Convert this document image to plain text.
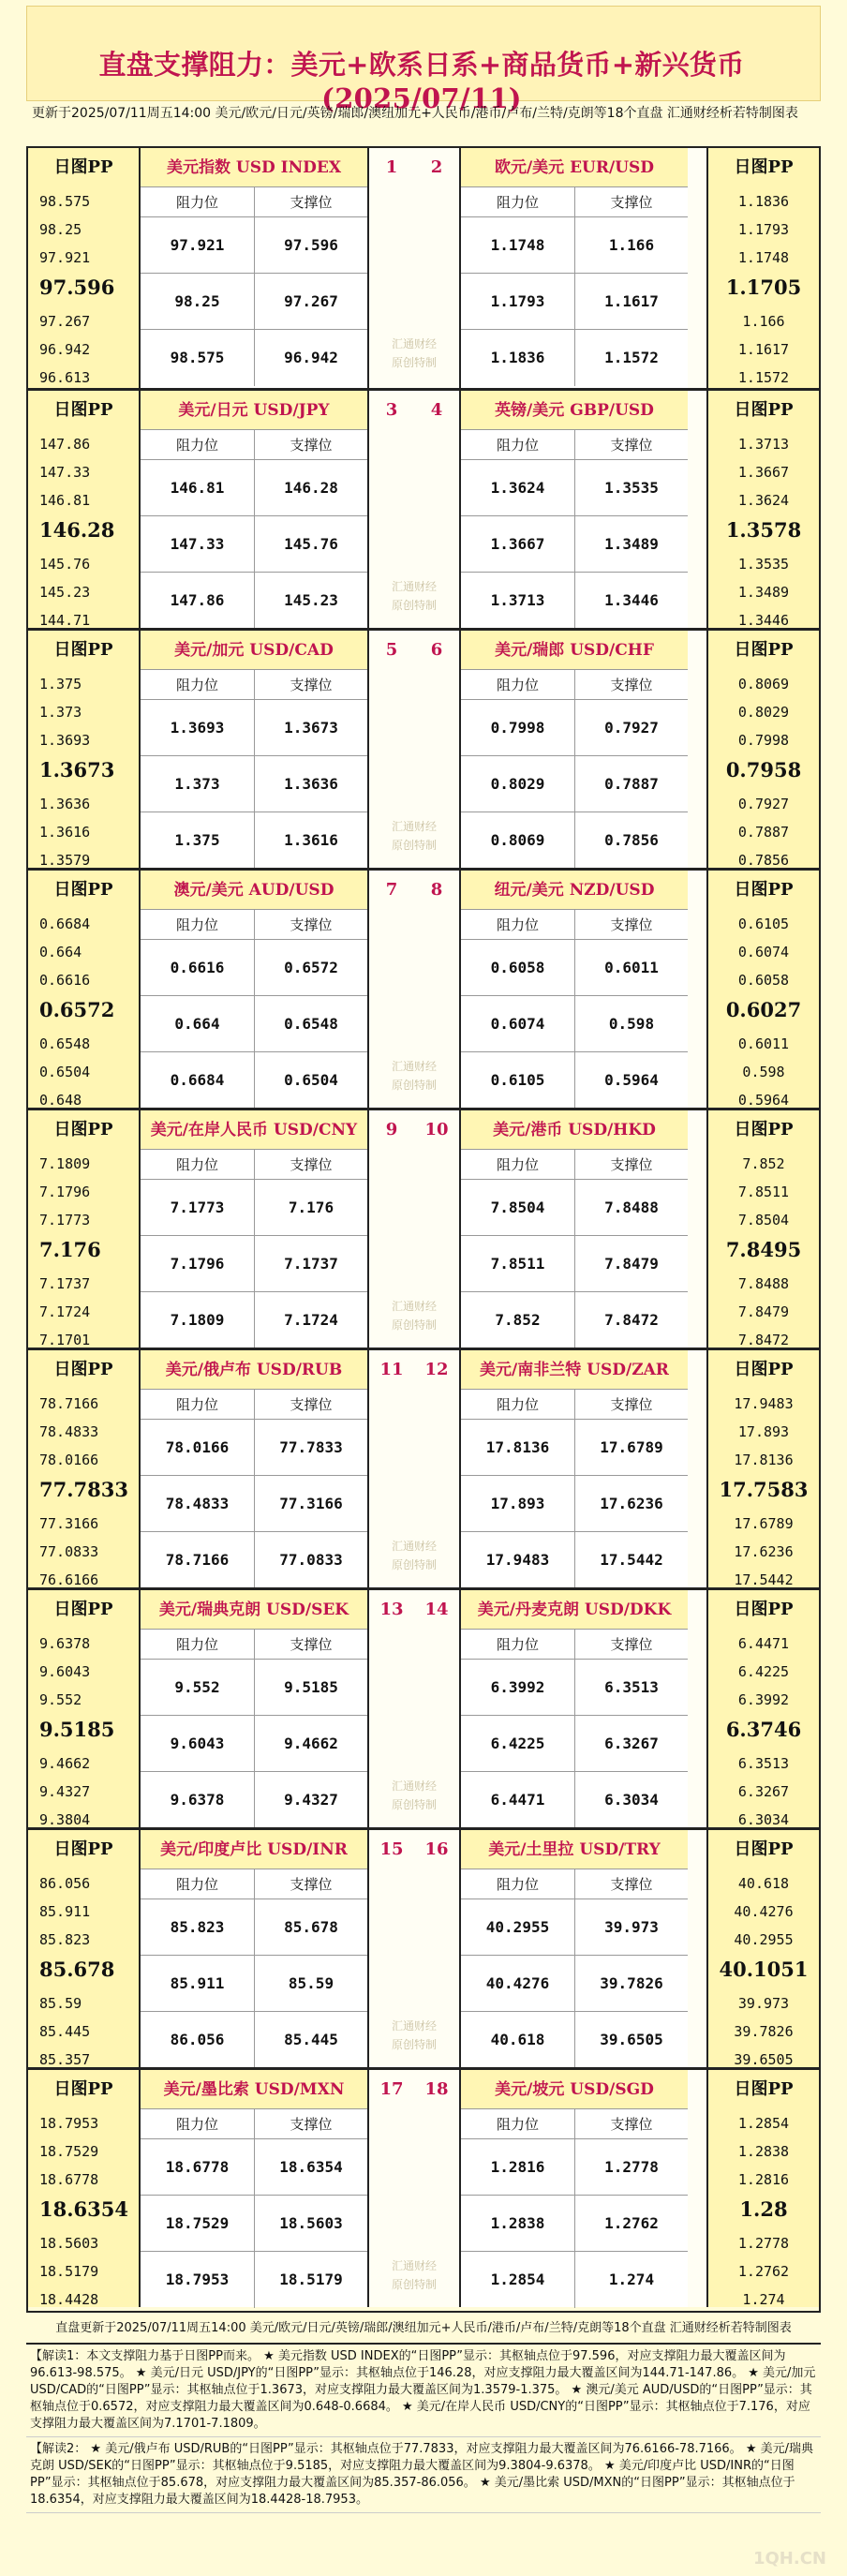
直盘支撑阻力：美元+欧系日系+商品货币+新兴货币(2025/07/11)
更新于2025/07/11周五14:00 美元/欧元/日元/英镑/瑞郎/澳纽加元+人民币/港币/卢布/兰特/克朗等18个直盘 汇通财经析若特制图表
日图PP
98.575
98.25
97.921
97.596
97.267
96.942
96.613
日图PP
1.1836
1.1793
1.1748
1.1705
1.166
1.1617
1.1572
美元指数 USD INDEX
阻力位	支撑位
97.921	97.596
98.25	97.267
98.575	96.942
欧元/美元 EUR/USD
阻力位	支撑位
1.1748	1.166
1.1793	1.1617
1.1836	1.1572
1	2
汇通财经
原创特制
日图PP
147.86
147.33
146.81
146.28
145.76
145.23
144.71
日图PP
1.3713
1.3667
1.3624
1.3578
1.3535
1.3489
1.3446
美元/日元 USD/JPY
阻力位	支撑位
146.81	146.28
147.33	145.76
147.86	145.23
英镑/美元 GBP/USD
阻力位	支撑位
1.3624	1.3535
1.3667	1.3489
1.3713	1.3446
3	4
汇通财经
原创特制
日图PP
1.375
1.373
1.3693
1.3673
1.3636
1.3616
1.3579
日图PP
0.8069
0.8029
0.7998
0.7958
0.7927
0.7887
0.7856
美元/加元 USD/CAD
阻力位	支撑位
1.3693	1.3673
1.373	1.3636
1.375	1.3616
美元/瑞郎 USD/CHF
阻力位	支撑位
0.7998	0.7927
0.8029	0.7887
0.8069	0.7856
5	6
汇通财经
原创特制
日图PP
0.6684
0.664
0.6616
0.6572
0.6548
0.6504
0.648
日图PP
0.6105
0.6074
0.6058
0.6027
0.6011
0.598
0.5964
澳元/美元 AUD/USD
阻力位	支撑位
0.6616	0.6572
0.664	0.6548
0.6684	0.6504
纽元/美元 NZD/USD
阻力位	支撑位
0.6058	0.6011
0.6074	0.598
0.6105	0.5964
7	8
汇通财经
原创特制
日图PP
7.1809
7.1796
7.1773
7.176
7.1737
7.1724
7.1701
日图PP
7.852
7.8511
7.8504
7.8495
7.8488
7.8479
7.8472
美元/在岸人民币 USD/CNY
阻力位	支撑位
7.1773	7.176
7.1796	7.1737
7.1809	7.1724
美元/港币 USD/HKD
阻力位	支撑位
7.8504	7.8488
7.8511	7.8479
7.852	7.8472
9	10
汇通财经
原创特制
日图PP
78.7166
78.4833
78.0166
77.7833
77.3166
77.0833
76.6166
日图PP
17.9483
17.893
17.8136
17.7583
17.6789
17.6236
17.5442
美元/俄卢布 USD/RUB
阻力位	支撑位
78.0166	77.7833
78.4833	77.3166
78.7166	77.0833
美元/南非兰特 USD/ZAR
阻力位	支撑位
17.8136	17.6789
17.893	17.6236
17.9483	17.5442
11	12
汇通财经
原创特制
日图PP
9.6378
9.6043
9.552
9.5185
9.4662
9.4327
9.3804
日图PP
6.4471
6.4225
6.3992
6.3746
6.3513
6.3267
6.3034
美元/瑞典克朗 USD/SEK
阻力位	支撑位
9.552	9.5185
9.6043	9.4662
9.6378	9.4327
美元/丹麦克朗 USD/DKK
阻力位	支撑位
6.3992	6.3513
6.4225	6.3267
6.4471	6.3034
13	14
汇通财经
原创特制
日图PP
86.056
85.911
85.823
85.678
85.59
85.445
85.357
日图PP
40.618
40.4276
40.2955
40.1051
39.973
39.7826
39.6505
美元/印度卢比 USD/INR
阻力位	支撑位
85.823	85.678
85.911	85.59
86.056	85.445
美元/土里拉 USD/TRY
阻力位	支撑位
40.2955	39.973
40.4276	39.7826
40.618	39.6505
15	16
汇通财经
原创特制
日图PP
18.7953
18.7529
18.6778
18.6354
18.5603
18.5179
18.4428
日图PP
1.2854
1.2838
1.2816
1.28
1.2778
1.2762
1.274
美元/墨比索 USD/MXN
阻力位	支撑位
18.6778	18.6354
18.7529	18.5603
18.7953	18.5179
美元/坡元 USD/SGD
阻力位	支撑位
1.2816	1.2778
1.2838	1.2762
1.2854	1.274
17	18
汇通财经
原创特制
直盘更新于2025/07/11周五14:00 美元/欧元/日元/英镑/瑞郎/澳纽加元+人民币/港币/卢布/兰特/克朗等18个直盘 汇通财经析若特制图表
【解读1：本文支撑阻力基于日图PP而来。 ★ 美元指数 USD INDEX的“日图PP”显示：其枢轴点位于97.596，对应支撑阻力最大覆盖区间为96.613-98.575。 ★ 美元/日元 USD/JPY的“日图PP”显示：其枢轴点位于146.28，对应支撑阻力最大覆盖区间为144.71-147.86。 ★ 美元/加元 USD/CAD的“日图PP”显示：其枢轴点位于1.3673，对应支撑阻力最大覆盖区间为1.3579-1.375。 ★ 澳元/美元 AUD/USD的“日图PP”显示：其枢轴点位于0.6572，对应支撑阻力最大覆盖区间为0.648-0.6684。 ★ 美元/在岸人民币 USD/CNY的“日图PP”显示：其枢轴点位于7.176，对应支撑阻力最大覆盖区间为7.1701-7.1809。
【解读2： ★ 美元/俄卢布 USD/RUB的“日图PP”显示：其枢轴点位于77.7833，对应支撑阻力最大覆盖区间为76.6166-78.7166。 ★ 美元/瑞典克朗 USD/SEK的“日图PP”显示：其枢轴点位于9.5185，对应支撑阻力最大覆盖区间为9.3804-9.6378。 ★ 美元/印度卢比 USD/INR的“日图PP”显示：其枢轴点位于85.678，对应支撑阻力最大覆盖区间为85.357-86.056。 ★ 美元/墨比索 USD/MXN的“日图PP”显示：其枢轴点位于18.6354，对应支撑阻力最大覆盖区间为18.4428-18.7953。
1QH.CN
